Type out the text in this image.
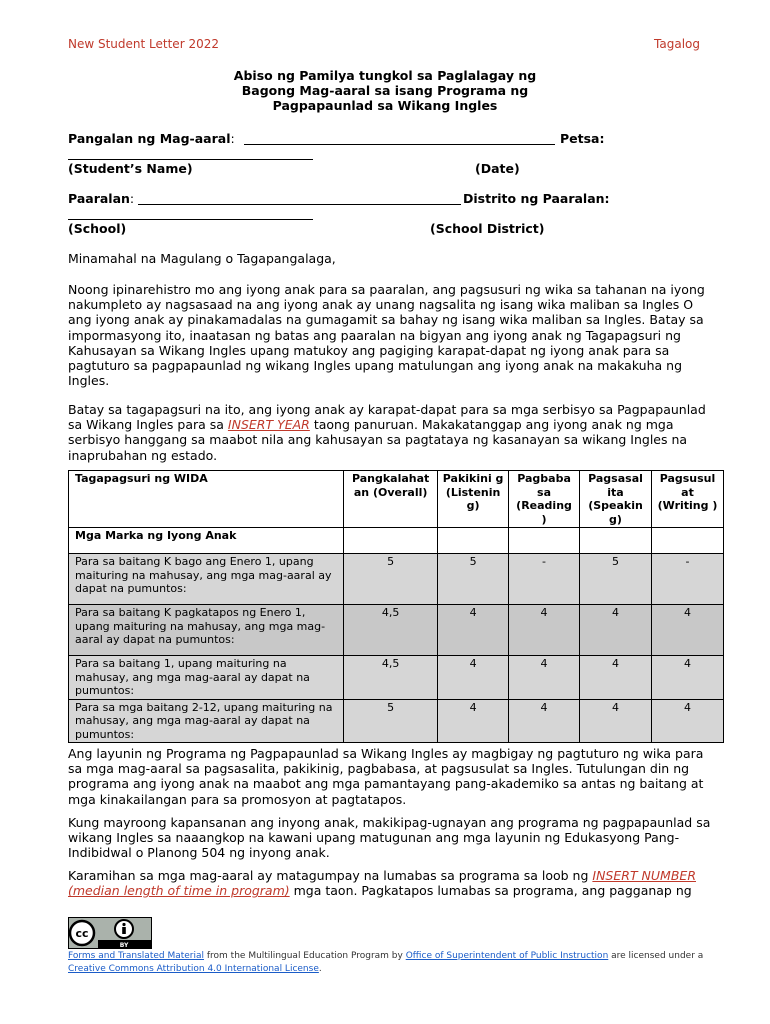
New Student Letter 2022	Tagalog
Abiso ng Pamilya tungkol sa Paglalagay ng
Bagong Mag-aaral sa isang Programa ng
Pagpapaunlad sa Wikang Ingles
Pangalan ng Mag-aaral:	Petsa:
(Student’s Name)	(Date)
Paaralan:	Distrito ng Paaralan:
(School)	(School District)
Minamahal na Magulang o Tagapangalaga,
Noong ipinarehistro mo ang iyong anak para sa paaralan, ang pagsusuri ng wika sa tahanan na iyong nakumpleto ay nagsasaad na ang iyong anak ay unang nagsalita ng isang wika maliban sa Ingles O ang iyong anak ay pinakamadalas na gumagamit sa bahay ng isang wika maliban sa Ingles. Batay sa impormasyong ito, inaatasan ng batas ang paaralan na bigyan ang iyong anak ng Tagapagsuri ng Kahusayan sa Wikang Ingles upang matukoy ang pagiging karapat-dapat ng iyong anak para sa pagtuturo sa pagpapaunlad ng wikang Ingles upang matulungan ang iyong anak na makakuha ng Ingles.
Batay sa tagapagsuri na ito, ang iyong anak ay karapat-dapat para sa mga serbisyo sa Pagpapaunlad sa Wikang Ingles para sa INSERT YEAR taong panuruan. Makakatanggap ang iyong anak ng mga serbisyo hanggang sa maabot nila ang kahusayan sa pagtataya ng kasanayan sa wikang Ingles na inaprubahan ng estado.
Tagapagsuri ng WIDA	Pangkalahat an (Overall)	Pakikini g (Listenin g)	Pagbaba sa (Reading )	Pagsasal ita (Speakin g)	Pagsusul at (Writing )
Mga Marka ng Iyong Anak					
Para sa baitang K bago ang Enero 1, upang maituring na mahusay, ang mga mag-aaral ay dapat na pumuntos:	5	5	-	5	-
Para sa baitang K pagkatapos ng Enero 1, upang maituring na mahusay, ang mga mag-aaral ay dapat na pumuntos:	4,5	4	4	4	4
Para sa baitang 1, upang maituring na mahusay, ang mga mag-aaral ay dapat na pumuntos:	4,5	4	4	4	4
Para sa mga baitang 2-12, upang maituring na mahusay, ang mga mag-aaral ay dapat na pumuntos:	5	4	4	4	4
Ang layunin ng Programa ng Pagpapaunlad sa Wikang Ingles ay magbigay ng pagtuturo ng wika para sa mga mag-aaral sa pagsasalita, pakikinig, pagbabasa, at pagsusulat sa Ingles. Tutulungan din ng programa ang iyong anak na maabot ang mga pamantayang pang-akademiko sa antas ng baitang at mga kinakailangan para sa promosyon at pagtatapos.
Kung mayroong kapansanan ang inyong anak, makikipag-ugnayan ang programa ng pagpapaunlad sa wikang Ingles sa naaangkop na kawani upang matugunan ang mga layunin ng Edukasyong Pang-Indibidwal o Planong 504 ng inyong anak.
Karamihan sa mga mag-aaral ay matagumpay na lumabas sa programa sa loob ng INSERT NUMBER (median length of time in program) mga taon. Pagkatapos lumabas sa programa, ang pagganap ng
cc
BY
Forms and Translated Material from the Multilingual Education Program by Office of Superintendent of Public Instruction are licensed under a Creative Commons Attribution 4.0 International License.
